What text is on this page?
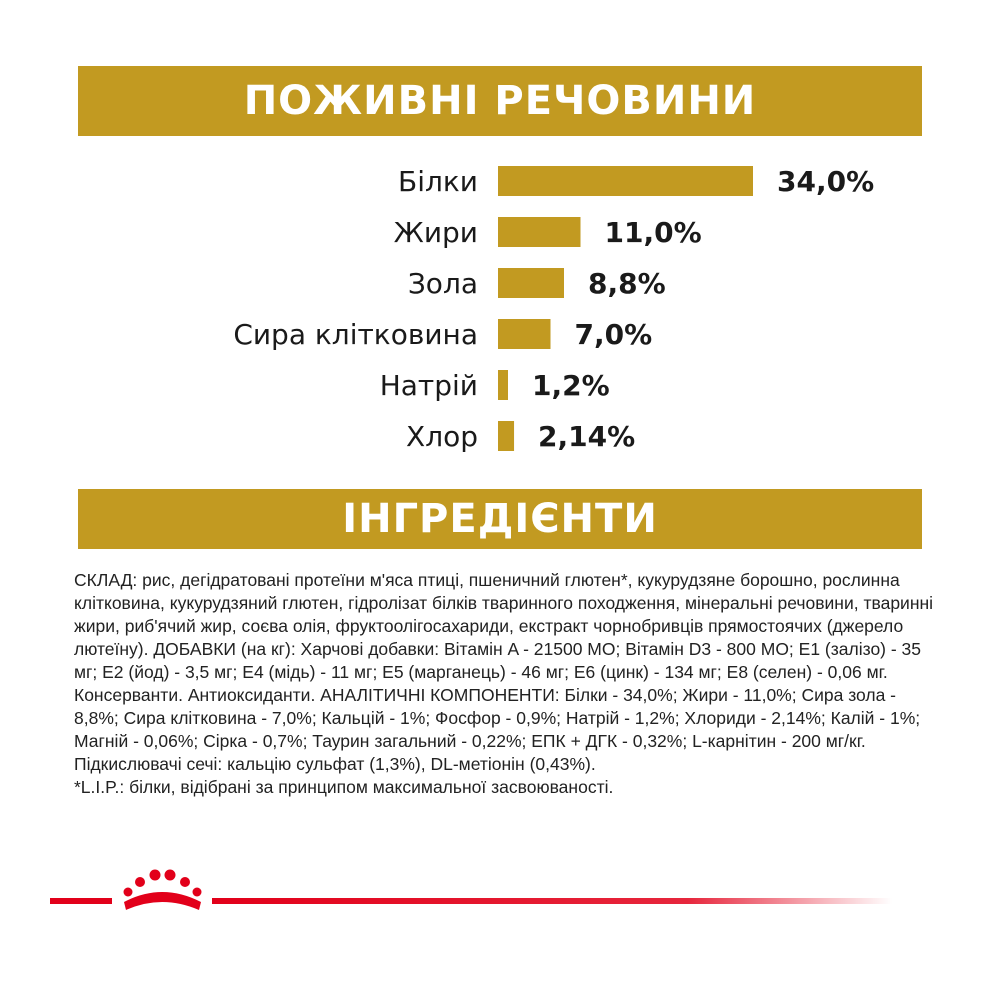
ПОЖИВНІ РЕЧОВИНИ
Білки	34,0%
Жири	11,0%
Зола	8,8%
Сира клітковина	7,0%
Натрій 1,2%
Хлор 2,14%
ІНГРЕДІЄНТИ

СКЛАД: рис, дегідратовані протеїни м'яса птиці, пшеничний глютен*, кукурудзяне борошно, рослинна клітковина, кукурудзяний глютен, гідролізат білків тваринного походження, мінеральні речовини, тваринні жири, риб'ячий жир, соєва олія, фруктоолігосахариди, екстракт чорнобривців прямостоячих (джерело лютеїну). ДОБАВКИ (на кг): Харчові добавки: Вітамін A - 21500 МО; Вітамін D3 - 800 МО; E1 (залізо) - 35 мг; E2 (йод) - 3,5 мг; E4 (мідь) - 11 мг; E5 (марганець) - 46 мг; E6 (цинк) - 134 мг; E8 (селен) - 0,06 мг. Консерванти. Антиоксиданти. АНАЛІТИЧНІ КОМПОНЕНТИ: Білки - 34,0%; Жири - 11,0%; Сира зола - 8,8%; Сира клітковина - 7,0%; Кальцій - 1%; Фосфор - 0,9%; Натрій - 1,2%; Хлориди - 2,14%; Калій - 1%; Магній - 0,06%; Сірка - 0,7%; Таурин загальний - 0,22%; ЕПК + ДГК - 0,32%; L-карнітин - 200 мг/кг.

Підкислювачі сечі: кальцію сульфат (1,3%), DL-метіонін (0,43%).

*L.I.P.: білки, відібрані за принципом максимальної засвоюваності.
